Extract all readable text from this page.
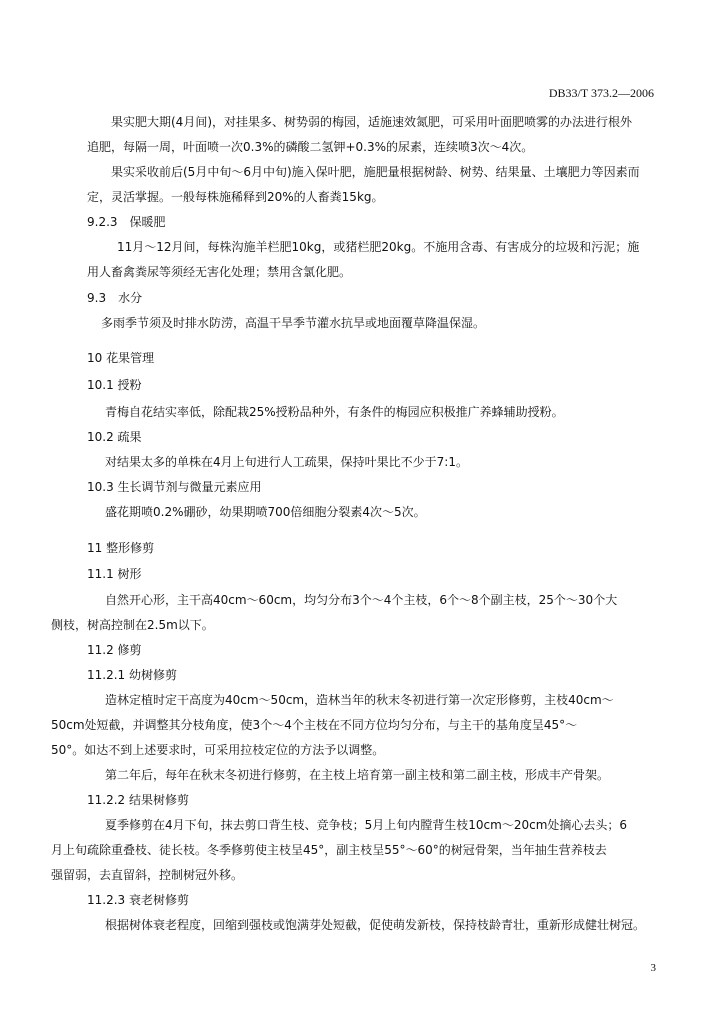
DB33/T 373.2—2006
果实肥大期(4月间)，对挂果多、树势弱的梅园，适施速效氮肥，可采用叶面肥喷雾的办法进行根外
追肥，每隔一周，叶面喷一次0.3%的磷酸二氢钾+0.3%的尿素，连续喷3次～4次。
果实采收前后(5月中旬～6月中旬)施入保叶肥，施肥量根据树龄、树势、结果量、土壤肥力等因素而
定，灵活掌握。一般每株施稀释到20%的人畜粪15kg。
9.2.3　保暖肥
11月～12月间，每株沟施羊栏肥10kg，或猪栏肥20kg。不施用含毒、有害成分的垃圾和污泥；施
用人畜禽粪尿等须经无害化处理；禁用含氯化肥。
9.3　水分
多雨季节须及时排水防涝，高温干旱季节灌水抗旱或地面覆草降温保湿。
10 花果管理
10.1 授粉
青梅自花结实率低，除配栽25%授粉品种外，有条件的梅园应积极推广养蜂辅助授粉。
10.2 疏果
对结果太多的单株在4月上旬进行人工疏果，保持叶果比不少于7:1。
10.3 生长调节剂与微量元素应用
盛花期喷0.2%硼砂，幼果期喷700倍细胞分裂素4次～5次。
11 整形修剪
11.1 树形
自然开心形，主干高40cm～60cm，均匀分布3个～4个主枝，6个～8个副主枝，25个～30个大
侧枝，树高控制在2.5m以下。
11.2 修剪
11.2.1 幼树修剪
造林定植时定干高度为40cm～50cm，造林当年的秋末冬初进行第一次定形修剪，主枝40cm～
50cm处短截，并调整其分枝角度，使3个～4个主枝在不同方位均匀分布，与主干的基角度呈45°～
50°。如达不到上述要求时，可采用拉枝定位的方法予以调整。
第二年后，每年在秋末冬初进行修剪，在主枝上培育第一副主枝和第二副主枝，形成丰产骨架。
11.2.2 结果树修剪
夏季修剪在4月下旬，抹去剪口背生枝、竞争枝；5月上旬内膛背生枝10cm～20cm处摘心去头；6
月上旬疏除重叠枝、徒长枝。冬季修剪使主枝呈45°，副主枝呈55°～60°的树冠骨架，当年抽生营养枝去
强留弱，去直留斜，控制树冠外移。
11.2.3 衰老树修剪
根据树体衰老程度，回缩到强枝或饱满芽处短截，促使萌发新枝，保持枝龄青壮，重新形成健壮树冠。
3
